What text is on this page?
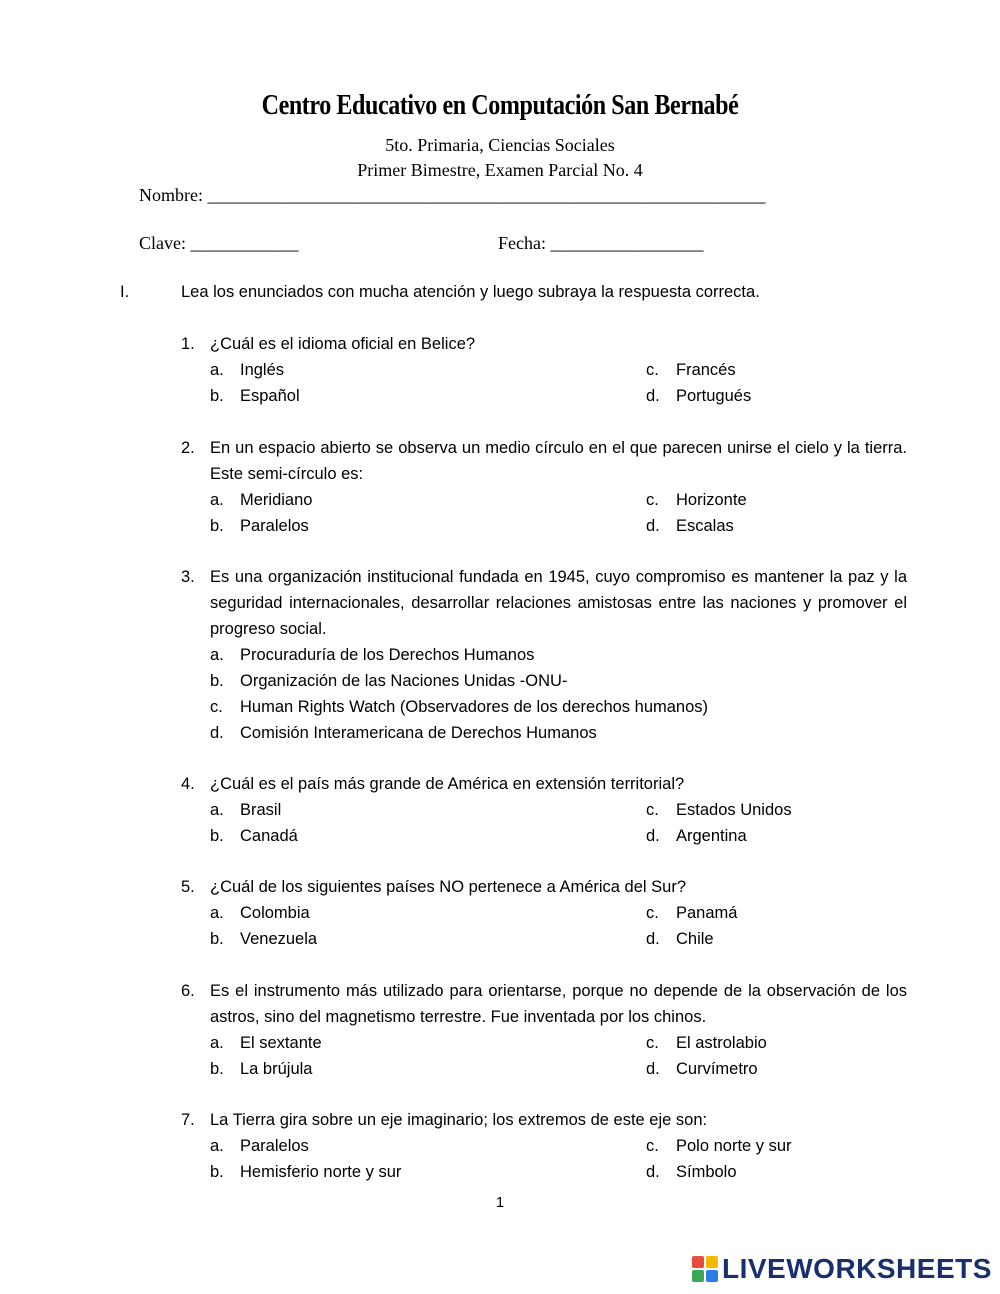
Centro Educativo en Computación San Bernabé
5to. Primaria, Ciencias Sociales
Primer Bimestre, Examen Parcial No. 4
Nombre: ______________________________________________________________
Clave: ____________	Fecha: _________________
I.	Lea los enunciados con mucha atención y luego subraya la respuesta correcta.
1. ¿Cuál es el idioma oficial en Belice?
a. Inglés
b. Español
c. Francés
d. Portugués
2. En un espacio abierto se observa un medio círculo en el que parecen unirse el cielo y la tierra. Este semi-círculo es:
a. Meridiano
b. Paralelos
c. Horizonte
d. Escalas
3. Es una organización institucional fundada en 1945, cuyo compromiso es mantener la paz y la seguridad internacionales, desarrollar relaciones amistosas entre las naciones y promover el progreso social.
a. Procuraduría de los Derechos Humanos
b. Organización de las Naciones Unidas -ONU-
c. Human Rights Watch (Observadores de los derechos humanos)
d. Comisión Interamericana de Derechos Humanos
4. ¿Cuál es el país más grande de América en extensión territorial?
a. Brasil
b. Canadá
c. Estados Unidos
d. Argentina
5. ¿Cuál de los siguientes países NO pertenece a América del Sur?
a. Colombia
b. Venezuela
c. Panamá
d. Chile
6. Es el instrumento más utilizado para orientarse, porque no depende de la observación de los astros, sino del magnetismo terrestre. Fue inventada por los chinos.
a. El sextante
b. La brújula
c. El astrolabio
d. Curvímetro
7. La Tierra gira sobre un eje imaginario; los extremos de este eje son:
a. Paralelos
b. Hemisferio norte y sur
c. Polo norte y sur
d. Símbolo
1
LIVEWORKSHEETS
